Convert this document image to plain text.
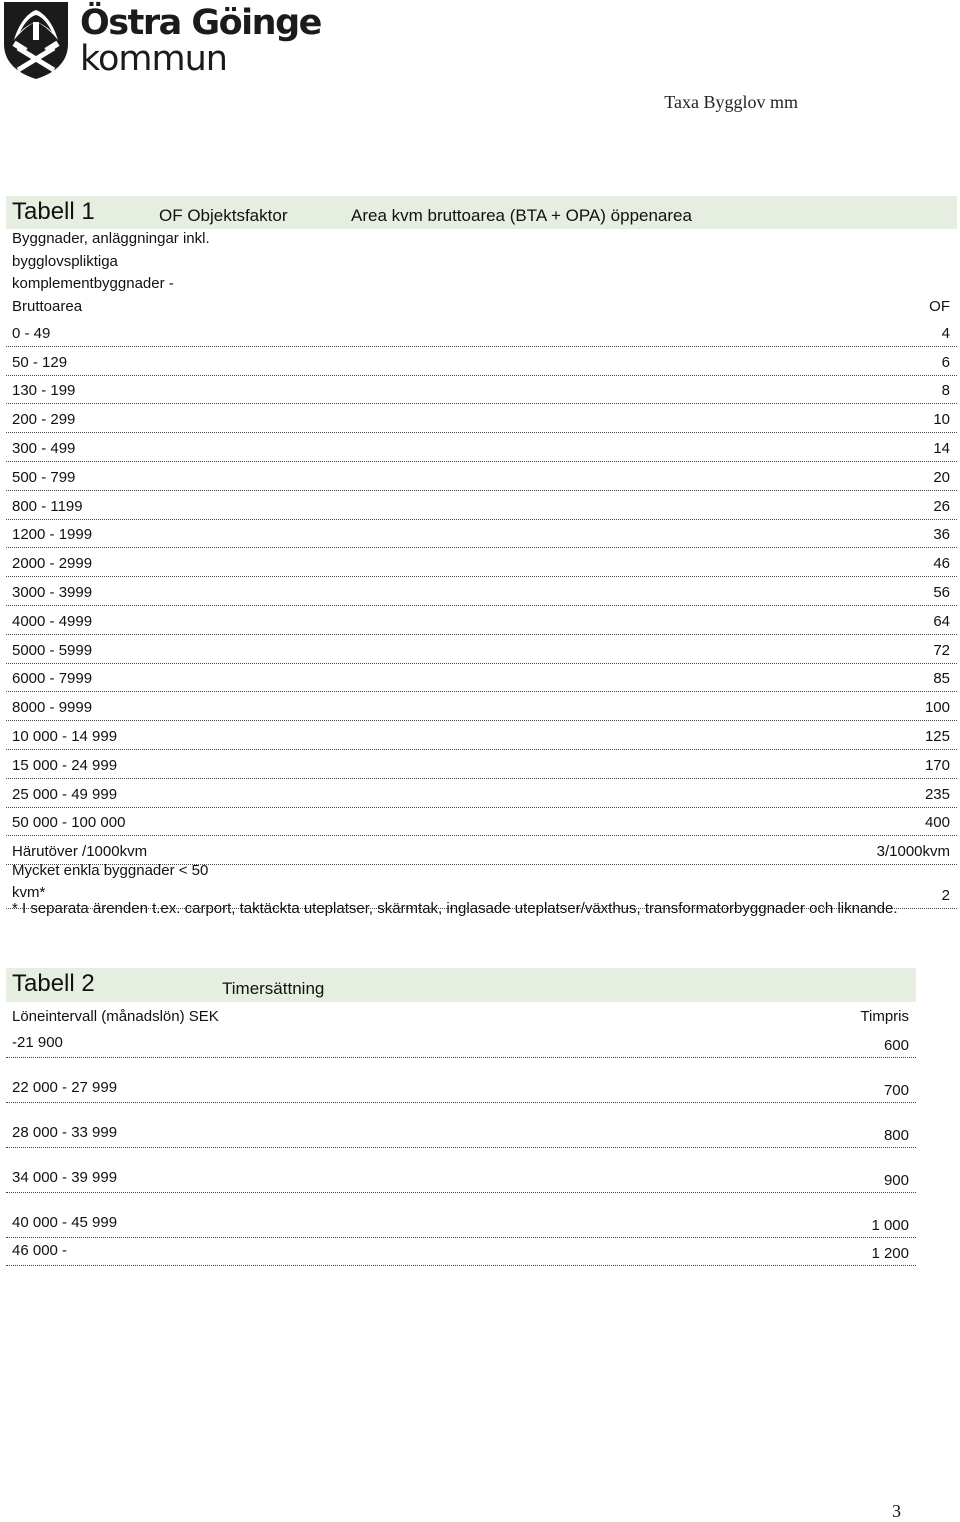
Östra Göinge
kommun
Taxa Bygglov mm
Tabell 1	OF Objektsfaktor	Area kvm bruttoarea (BTA + OPA) öppenarea
Byggnader, anläggningar inkl. bygglovspliktiga komplementbyggnader - Bruttoarea	OF
0 - 49	4
50 - 129	6
130 - 199	8
200 - 299	10
300 - 499	14
500 - 799	20
800 - 1199	26
1200 - 1999	36
2000 - 2999	46
3000 - 3999	56
4000 - 4999	64
5000 - 5999	72
6000 - 7999	85
8000 - 9999	100
10 000 - 14 999	125
15 000 - 24 999	170
25 000 - 49 999	235
50 000 - 100 000	400
Härutöver /1000kvm	3/1000kvm
Mycket enkla byggnader < 50 kvm*	2
* I separata ärenden t.ex. carport, taktäckta uteplatser, skärmtak, inglasade uteplatser/växthus, transformatorbyggnader och liknande.
Tabell 2	Timersättning
Löneintervall (månadslön) SEK	Timpris
-21 900	600
22 000 - 27 999	700
28 000 - 33 999	800
34 000 - 39 999	900
40 000 - 45 999	1 000
46 000 -	1 200
3
